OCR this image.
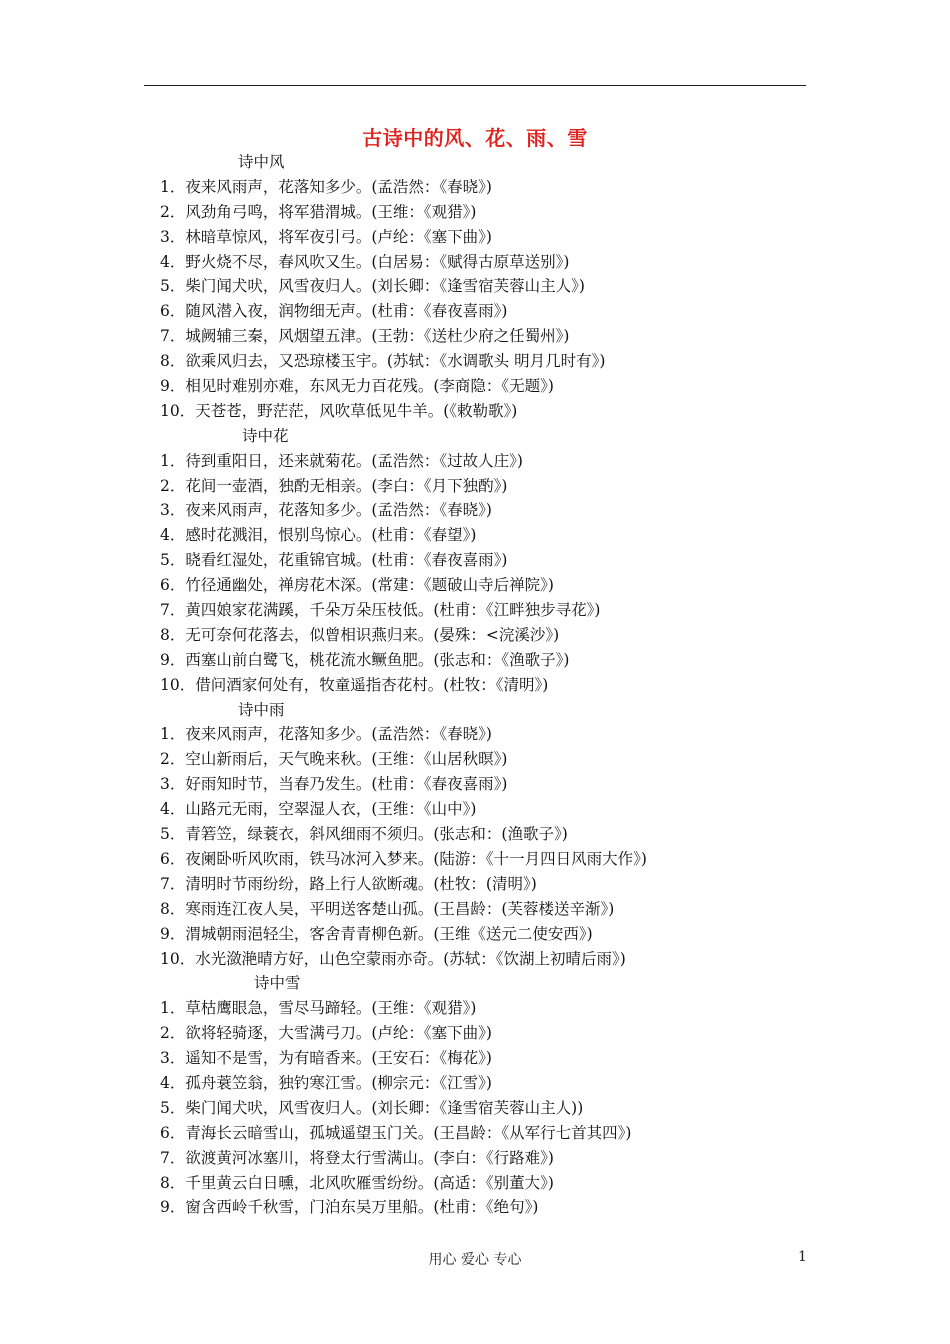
古诗中的风、花、雨、雪
诗中风
1．夜来风雨声，花落知多少。(孟浩然：《春晓》)
2．风劲角弓鸣，将军猎渭城。(王维：《观猎》)
3．林暗草惊风，将军夜引弓。(卢纶：《塞下曲》)
4．野火烧不尽，春风吹又生。(白居易：《赋得古原草送别》)
5．柴门闻犬吠，风雪夜归人。(刘长卿：《逢雪宿芙蓉山主人》)
6．随风潜入夜，润物细无声。(杜甫：《春夜喜雨》)
7．城阙辅三秦，风烟望五津。(王勃：《送杜少府之任蜀州》)
8．欲乘风归去，又恐琼楼玉宇。(苏轼：《水调歌头 明月几时有》)
9．相见时难别亦难，东风无力百花残。(李商隐：《无题》)
10．天苍苍，野茫茫，风吹草低见牛羊。(《敕勒歌》)
诗中花
1．待到重阳日，还来就菊花。(孟浩然：《过故人庄》)
2．花间一壶酒，独酌无相亲。(李白：《月下独酌》)
3．夜来风雨声，花落知多少。(孟浩然：《春晓》)
4．感时花溅泪，恨别鸟惊心。(杜甫：《春望》)
5．晓看红湿处，花重锦官城。(杜甫：《春夜喜雨》)
6．竹径通幽处，禅房花木深。(常建：《题破山寺后禅院》)
7．黄四娘家花满蹊，千朵万朵压枝低。(杜甫：《江畔独步寻花》)
8．无可奈何花落去，似曾相识燕归来。(晏殊：<浣溪沙》)
9．西塞山前白鹭飞，桃花流水鳜鱼肥。(张志和：《渔歌子》)
10．借问酒家何处有，牧童遥指杏花村。(杜牧：《清明》)
诗中雨
1．夜来风雨声，花落知多少。(孟浩然：《春晓》)
2．空山新雨后，天气晚来秋。(王维：《山居秋暝》)
3．好雨知时节，当春乃发生。(杜甫：《春夜喜雨》)
4．山路元无雨，空翠湿人衣，(王维：《山中》)
5．青箬笠，绿蓑衣，斜风细雨不须归。(张志和：(渔歌子》)
6．夜阑卧听风吹雨，铁马冰河入梦来。(陆游：《十一月四日风雨大作》)
7．清明时节雨纷纷，路上行人欲断魂。(杜牧：(清明》)
8．寒雨连江夜人吴，平明送客楚山孤。(王昌龄：(芙蓉楼送辛渐》)
9．渭城朝雨浥轻尘，客舍青青柳色新。(王维《送元二使安西》)
10．水光潋滟晴方好，山色空蒙雨亦奇。(苏轼：《饮湖上初晴后雨》)
诗中雪
1．草枯鹰眼急，雪尽马蹄轻。(王维：《观猎》)
2．欲将轻骑逐，大雪满弓刀。(卢纶：《塞下曲》)
3．遥知不是雪，为有暗香来。(王安石：《梅花》)
4．孤舟蓑笠翁，独钓寒江雪。(柳宗元：《江雪》)
5．柴门闻犬吠，风雪夜归人。(刘长卿：《逢雪宿芙蓉山主人))
6．青海长云暗雪山，孤城遥望玉门关。(王昌龄：《从军行七首其四》)
7．欲渡黄河冰塞川，将登太行雪满山。(李白：《行路难》)
8．千里黄云白日曛，北风吹雁雪纷纷。(高适：《别董大》)
9．窗含西岭千秋雪，门泊东吴万里船。(杜甫：《绝句》)
用心 爱心 专心	1
